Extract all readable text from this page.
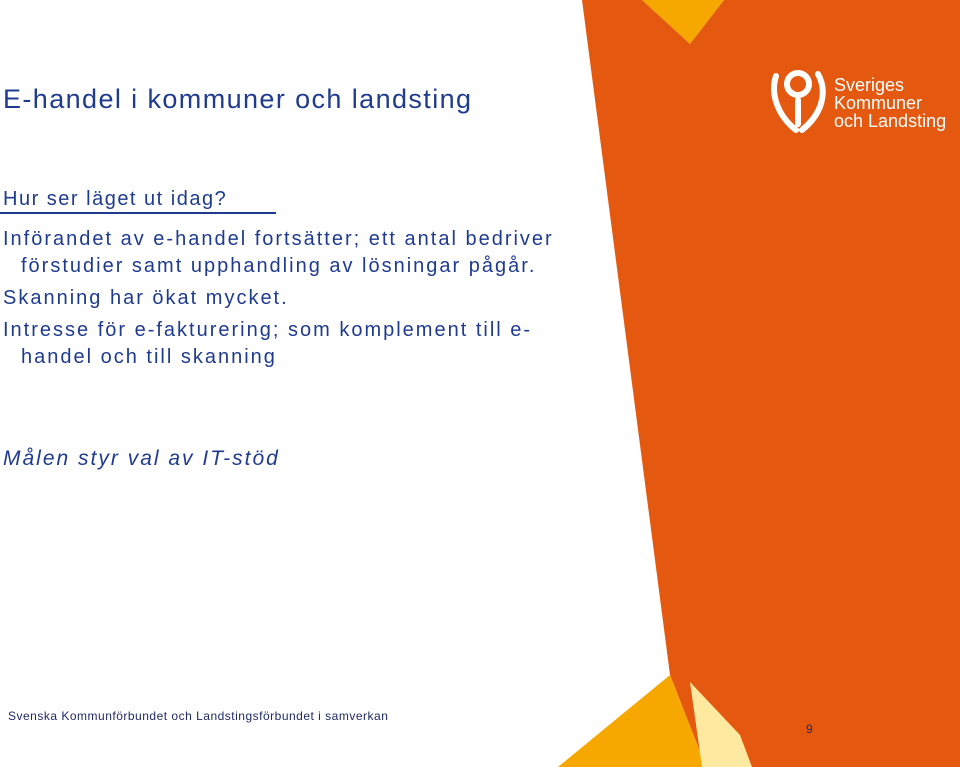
E-handel i kommuner och landsting
Hur ser läget ut idag?
Införandet av e-handel fortsätter; ett antal bedriver förstudier samt upphandling av lösningar pågår.
Skanning har ökat mycket.
Intresse för e-fakturering; som komplement till e-handel och till skanning
Målen styr val av IT-stöd
Sveriges
Kommuner
och Landsting
Svenska Kommunförbundet och Landstingsförbundet i samverkan
9
